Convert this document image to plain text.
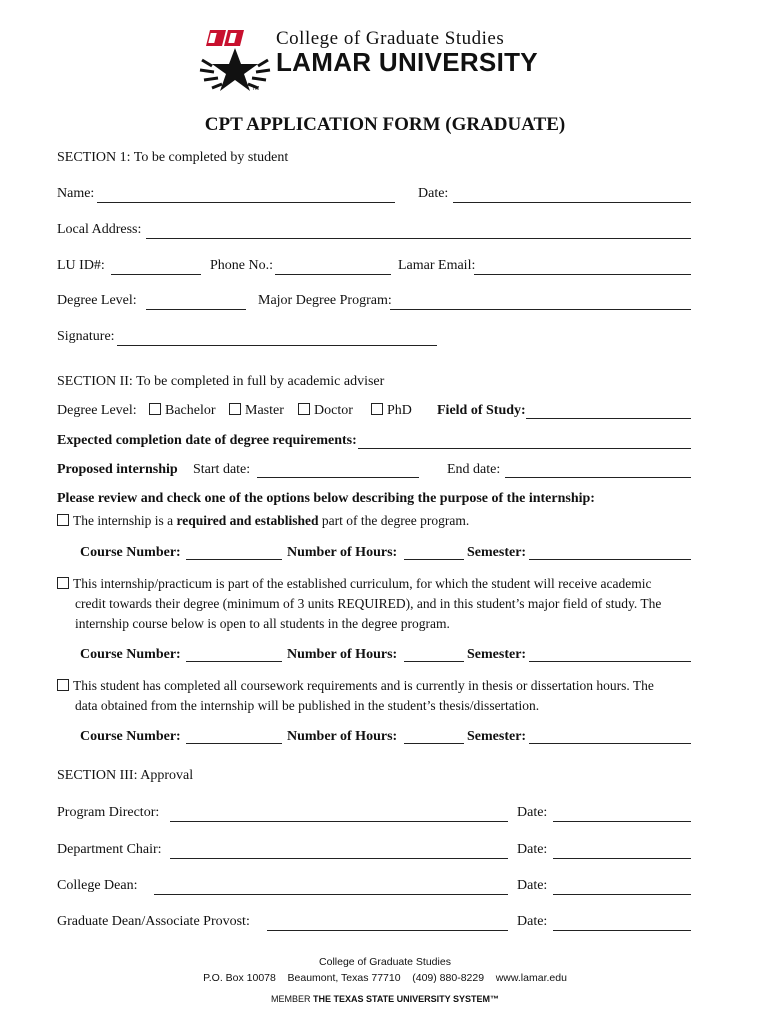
College of Graduate Studies
LAMAR UNIVERSITY
TM
CPT APPLICATION FORM (GRADUATE)
SECTION 1: To be completed by student
Name:	Date:
Local Address:
LU ID#:	Phone No.:	Lamar Email:
Degree Level:	Major Degree Program:
Signature:
SECTION II: To be completed in full by academic adviser
Degree Level:	Bachelor	Master	Doctor	PhD Field of Study:
Expected completion date of degree requirements:
Proposed internship Start date:	End date:
Please review and check one of the options below describing the purpose of the internship:
The internship is a required and established part of the degree program.
Course Number:	Number of Hours:	Semester:
This internship/practicum is part of the established curriculum, for which the student will receive academic
credit towards their degree (minimum of 3 units REQUIRED), and in this student’s major field of study. The
internship course below is open to all students in the degree program.
Course Number:	Number of Hours:	Semester:
This student has completed all coursework requirements and is currently in thesis or dissertation hours. The
data obtained from the internship will be published in the student’s thesis/dissertation.
Course Number:	Number of Hours:	Semester:
SECTION III: Approval
Program Director:	Date:
Department Chair:	Date:
College Dean:	Date:
Graduate Dean/Associate Provost:	Date:
College of Graduate Studies
P.O. Box 10078    Beaumont, Texas 77710    (409) 880-8229    www.lamar.edu
MEMBER THE TEXAS STATE UNIVERSITY SYSTEM™
